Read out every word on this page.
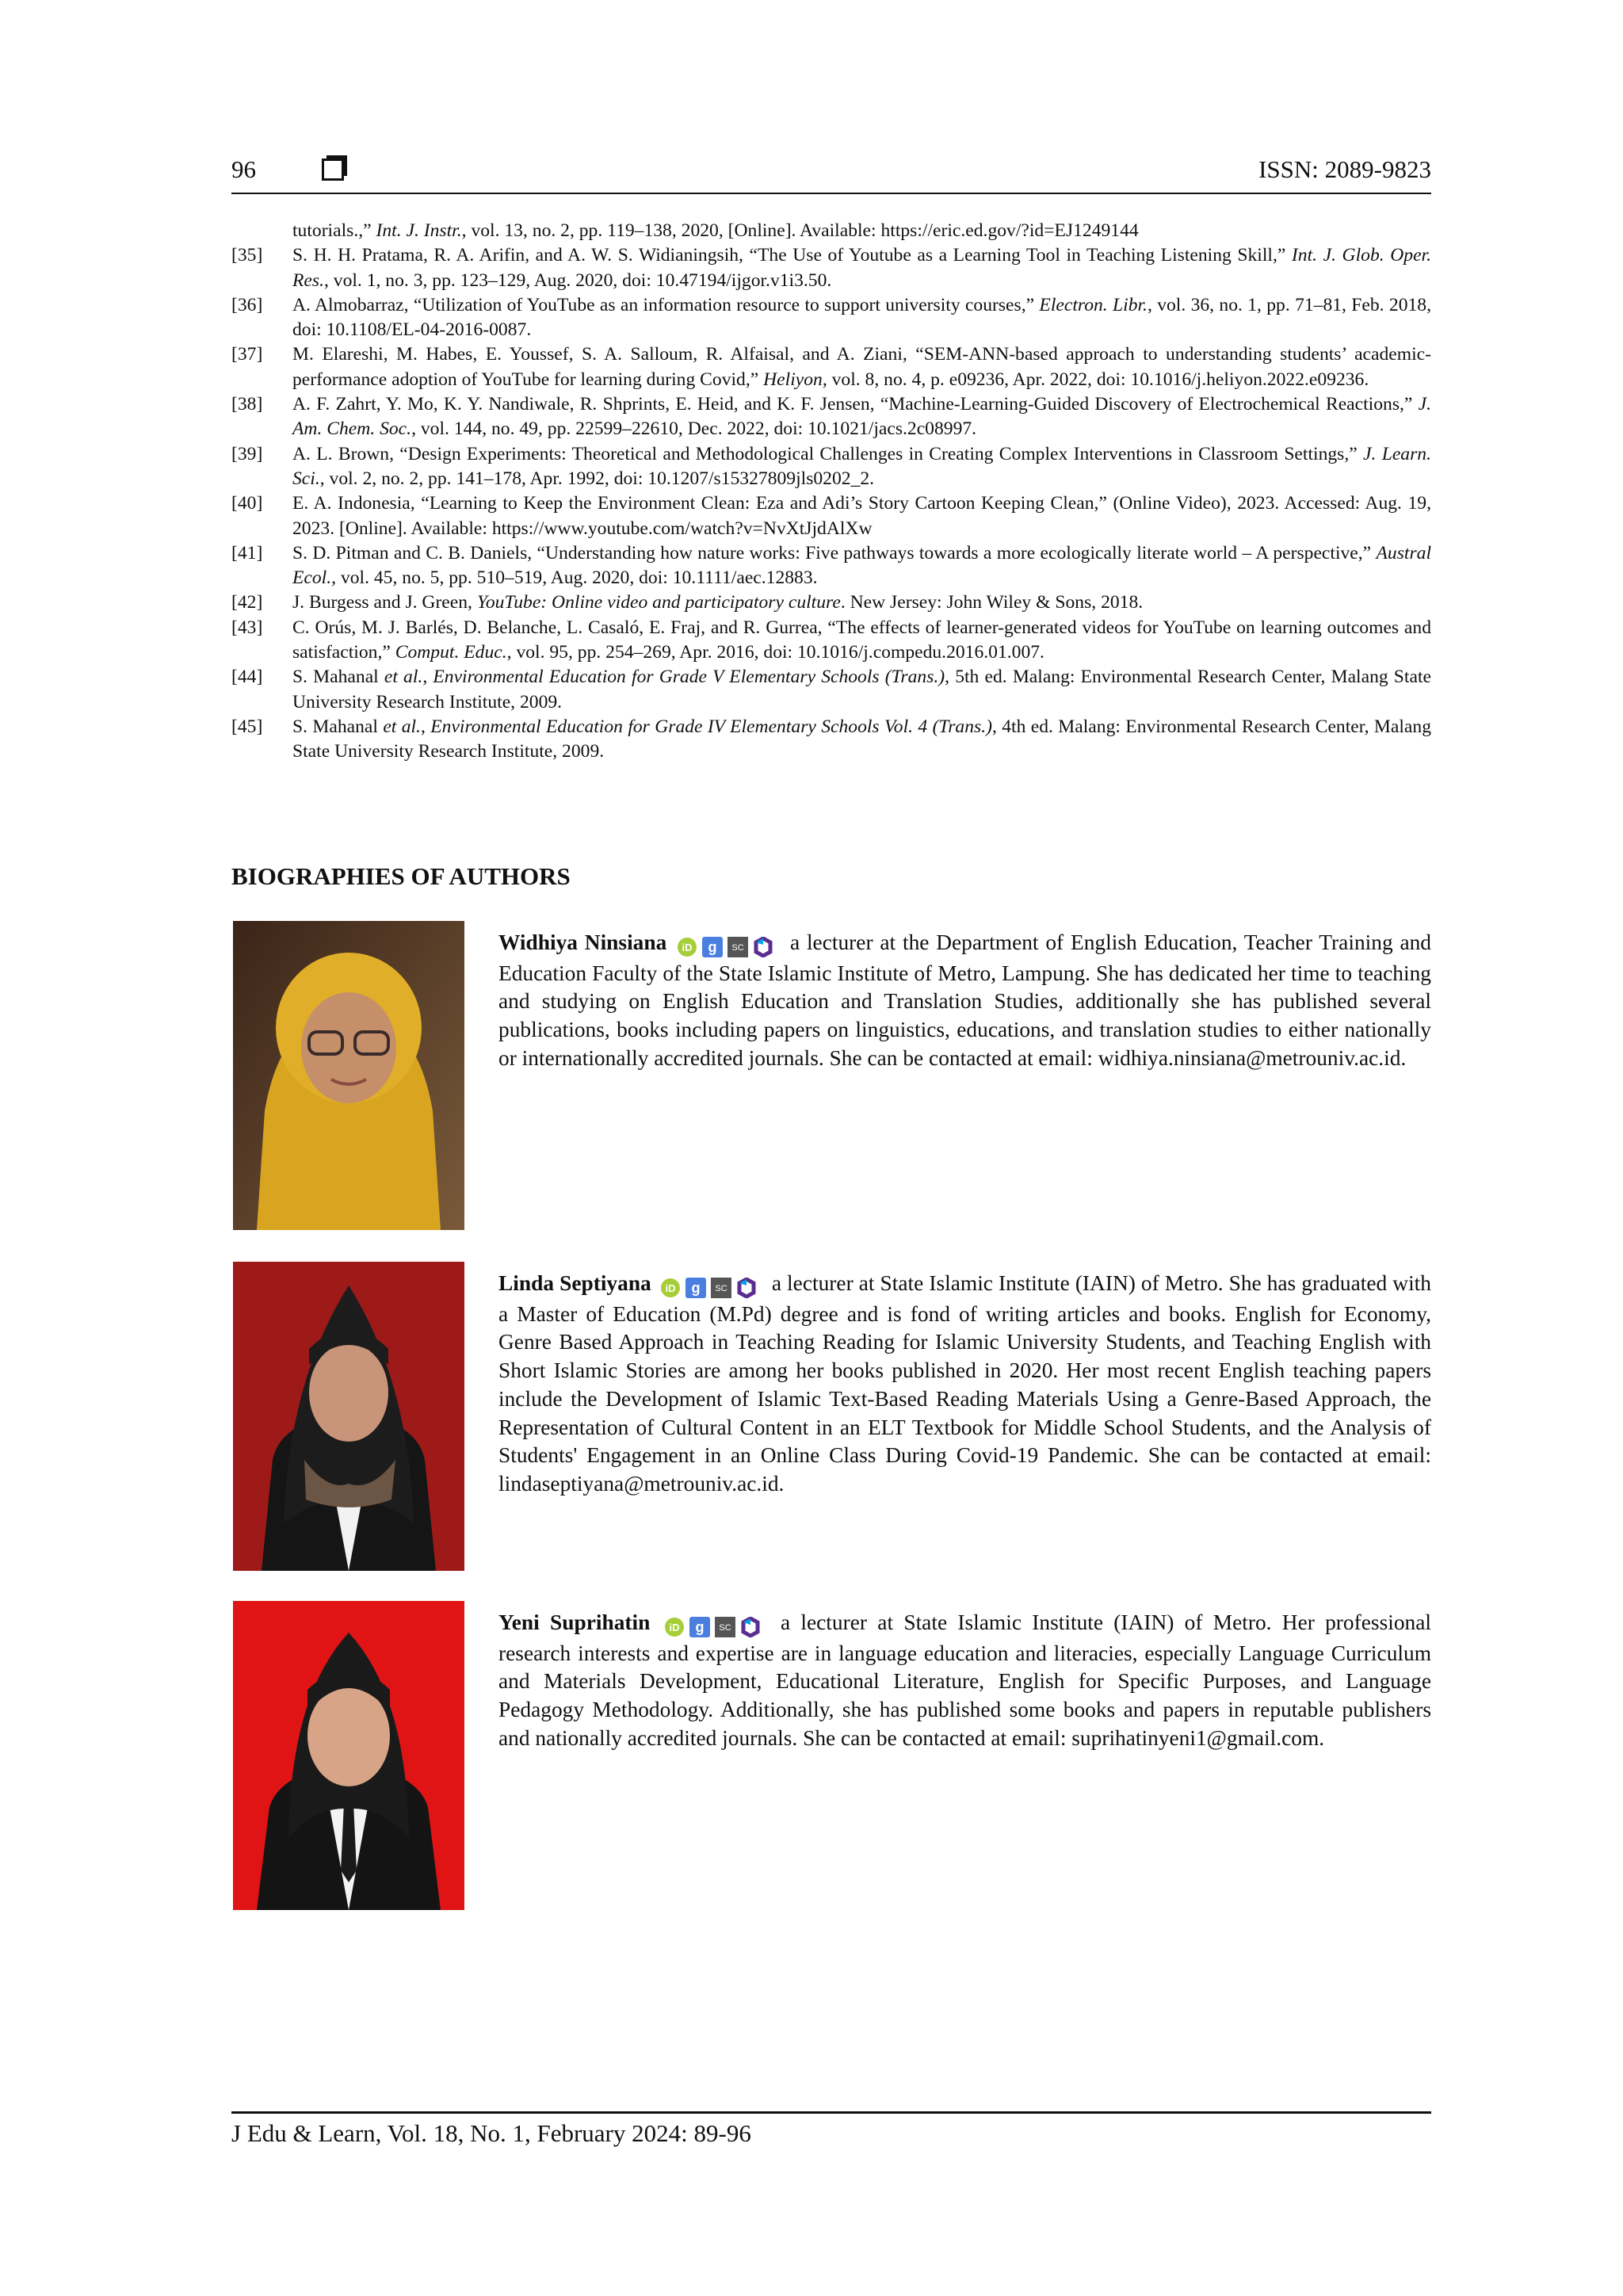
96	ISSN: 2089-9823
tutorials.,” Int. J. Instr., vol. 13, no. 2, pp. 119–138, 2020, [Online]. Available: https://eric.ed.gov/?id=EJ1249144
[35]	S. H. H. Pratama, R. A. Arifin, and A. W. S. Widianingsih, “The Use of Youtube as a Learning Tool in Teaching Listening Skill,” Int. J. Glob. Oper. Res., vol. 1, no. 3, pp. 123–129, Aug. 2020, doi: 10.47194/ijgor.v1i3.50.
[36]	A. Almobarraz, “Utilization of YouTube as an information resource to support university courses,” Electron. Libr., vol. 36, no. 1, pp. 71–81, Feb. 2018, doi: 10.1108/EL-04-2016-0087.
[37]	M. Elareshi, M. Habes, E. Youssef, S. A. Salloum, R. Alfaisal, and A. Ziani, “SEM-ANN-based approach to understanding students’ academic-performance adoption of YouTube for learning during Covid,” Heliyon, vol. 8, no. 4, p. e09236, Apr. 2022, doi: 10.1016/j.heliyon.2022.e09236.
[38]	A. F. Zahrt, Y. Mo, K. Y. Nandiwale, R. Shprints, E. Heid, and K. F. Jensen, “Machine-Learning-Guided Discovery of Electrochemical Reactions,” J. Am. Chem. Soc., vol. 144, no. 49, pp. 22599–22610, Dec. 2022, doi: 10.1021/jacs.2c08997.
[39]	A. L. Brown, “Design Experiments: Theoretical and Methodological Challenges in Creating Complex Interventions in Classroom Settings,” J. Learn. Sci., vol. 2, no. 2, pp. 141–178, Apr. 1992, doi: 10.1207/s15327809jls0202_2.
[40]	E. A. Indonesia, “Learning to Keep the Environment Clean: Eza and Adi’s Story Cartoon Keeping Clean,” (Online Video), 2023. Accessed: Aug. 19, 2023. [Online]. Available: https://www.youtube.com/watch?v=NvXtJjdAlXw
[41]	S. D. Pitman and C. B. Daniels, “Understanding how nature works: Five pathways towards a more ecologically literate world – A perspective,” Austral Ecol., vol. 45, no. 5, pp. 510–519, Aug. 2020, doi: 10.1111/aec.12883.
[42]	J. Burgess and J. Green, YouTube: Online video and participatory culture. New Jersey: John Wiley & Sons, 2018.
[43]	C. Orús, M. J. Barlés, D. Belanche, L. Casaló, E. Fraj, and R. Gurrea, “The effects of learner-generated videos for YouTube on learning outcomes and satisfaction,” Comput. Educ., vol. 95, pp. 254–269, Apr. 2016, doi: 10.1016/j.compedu.2016.01.007.
[44]	S. Mahanal et al., Environmental Education for Grade V Elementary Schools (Trans.), 5th ed. Malang: Environmental Research Center, Malang State University Research Institute, 2009.
[45]	S. Mahanal et al., Environmental Education for Grade IV Elementary Schools Vol. 4 (Trans.), 4th ed. Malang: Environmental Research Center, Malang State University Research Institute, 2009.
BIOGRAPHIES OF AUTHORS
Widhiya Ninsiana iD g SC a lecturer at the Department of English Education, Teacher Training and Education Faculty of the State Islamic Institute of Metro, Lampung. She has dedicated her time to teaching and studying on English Education and Translation Studies, additionally she has published several publications, books including papers on linguistics, educations, and translation studies to either nationally or internationally accredited journals. She can be contacted at email: widhiya.ninsiana@metrouniv.ac.id.
Linda Septiyana iD g SC a lecturer at State Islamic Institute (IAIN) of Metro. She has graduated with a Master of Education (M.Pd) degree and is fond of writing articles and books. English for Economy, Genre Based Approach in Teaching Reading for Islamic University Students, and Teaching English with Short Islamic Stories are among her books published in 2020. Her most recent English teaching papers include the Development of Islamic Text-Based Reading Materials Using a Genre-Based Approach, the Representation of Cultural Content in an ELT Textbook for Middle School Students, and the Analysis of Students' Engagement in an Online Class During Covid-19 Pandemic. She can be contacted at email: lindaseptiyana@metrouniv.ac.id.
Yeni Suprihatin iD g SC a lecturer at State Islamic Institute (IAIN) of Metro. Her professional research interests and expertise are in language education and literacies, especially Language Curriculum and Materials Development, Educational Literature, English for Specific Purposes, and Language Pedagogy Methodology. Additionally, she has published some books and papers in reputable publishers and nationally accredited journals. She can be contacted at email: suprihatinyeni1@gmail.com.
J Edu & Learn, Vol. 18, No. 1, February 2024: 89-96
